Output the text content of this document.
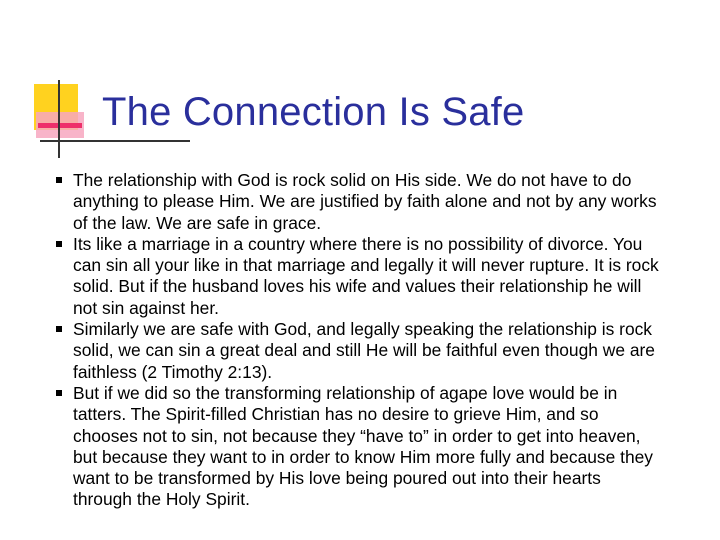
The Connection Is Safe
The relationship with God is rock solid on His side. We do not have to do
anything to please Him. We are justified by faith alone and not by any works
of the law. We are safe in grace.
Its like a marriage in a country where there is no possibility of divorce. You
can sin all your like in that marriage and legally it will never rupture. It is rock
solid. But if the husband loves his wife and values their relationship he will
not sin against her.
Similarly we are safe with God, and legally speaking the relationship is rock
solid, we can sin a great deal and still He will be faithful even though we are
faithless (2 Timothy 2:13).
But if we did so the transforming relationship of agape love would be in
tatters. The Spirit-filled Christian has no desire to grieve Him, and so
chooses not to sin, not because they “have to” in order to get into heaven,
but because they want to in order to know Him more fully and because they
want to be transformed by His love being poured out into their hearts
through the Holy Spirit.
